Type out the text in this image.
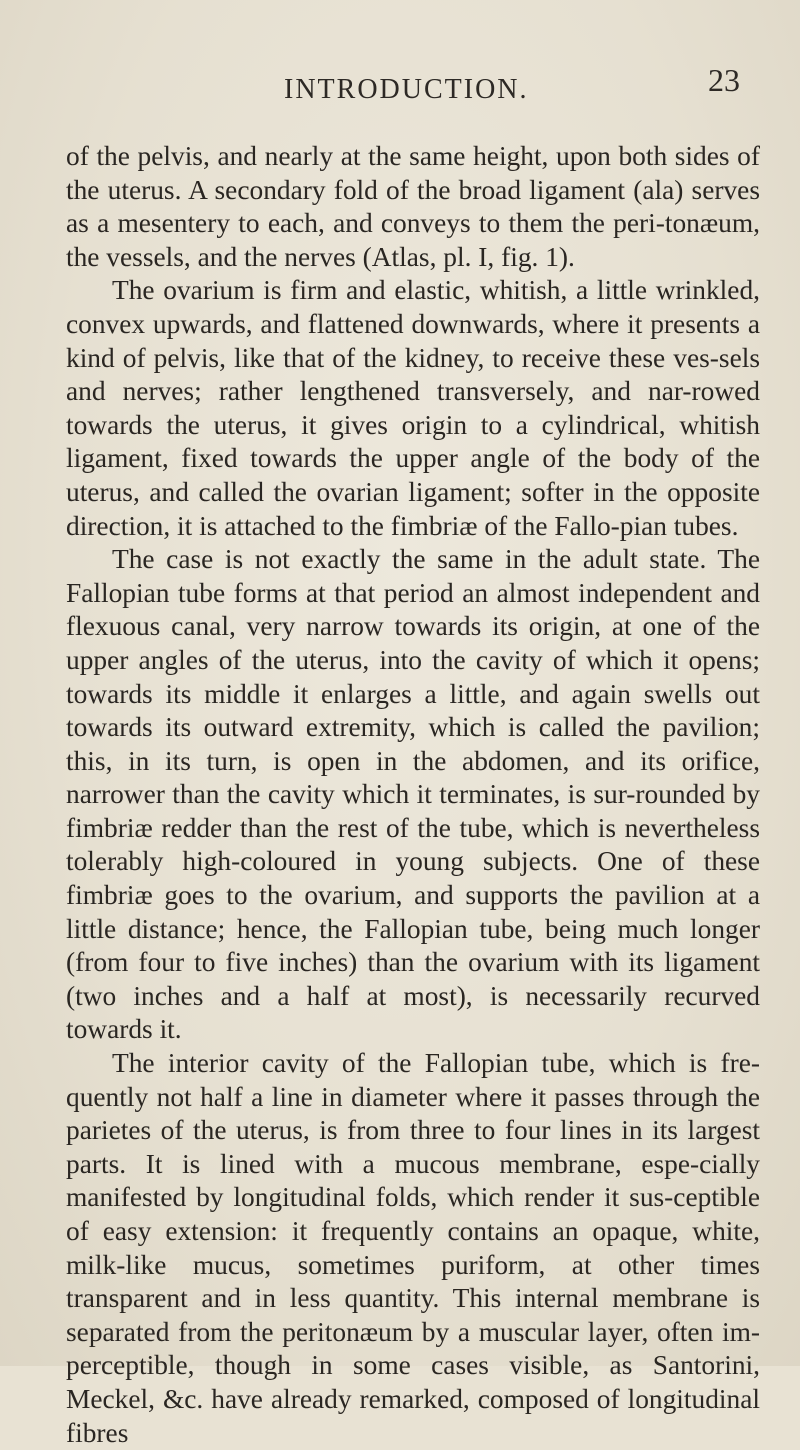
INTRODUCTION.	23

of the pelvis, and nearly at the same height, upon both sides of the uterus. A secondary fold of the broad ligament (ala) serves as a mesentery to each, and conveys to them the peri-tonæum, the vessels, and the nerves (Atlas, pl. I, fig. 1).

The ovarium is firm and elastic, whitish, a little wrinkled, convex upwards, and flattened downwards, where it presents a kind of pelvis, like that of the kidney, to receive these ves-sels and nerves; rather lengthened transversely, and nar-rowed towards the uterus, it gives origin to a cylindrical, whitish ligament, fixed towards the upper angle of the body of the uterus, and called the ovarian ligament; softer in the opposite direction, it is attached to the fimbriæ of the Fallo-pian tubes.

The case is not exactly the same in the adult state. The Fallopian tube forms at that period an almost independent and flexuous canal, very narrow towards its origin, at one of the upper angles of the uterus, into the cavity of which it opens; towards its middle it enlarges a little, and again swells out towards its outward extremity, which is called the pavilion; this, in its turn, is open in the abdomen, and its orifice, narrower than the cavity which it terminates, is sur-rounded by fimbriæ redder than the rest of the tube, which is nevertheless tolerably high-coloured in young subjects. One of these fimbriæ goes to the ovarium, and supports the pavilion at a little distance; hence, the Fallopian tube, being much longer (from four to five inches) than the ovarium with its ligament (two inches and a half at most), is necessarily recurved towards it.

The interior cavity of the Fallopian tube, which is fre-quently not half a line in diameter where it passes through the parietes of the uterus, is from three to four lines in its largest parts. It is lined with a mucous membrane, espe-cially manifested by longitudinal folds, which render it sus-ceptible of easy extension: it frequently contains an opaque, white, milk-like mucus, sometimes puriform, at other times transparent and in less quantity. This internal membrane is separated from the peritonæum by a muscular layer, often im-perceptible, though in some cases visible, as Santorini, Meckel, &c. have already remarked, composed of longitudinal fibres
